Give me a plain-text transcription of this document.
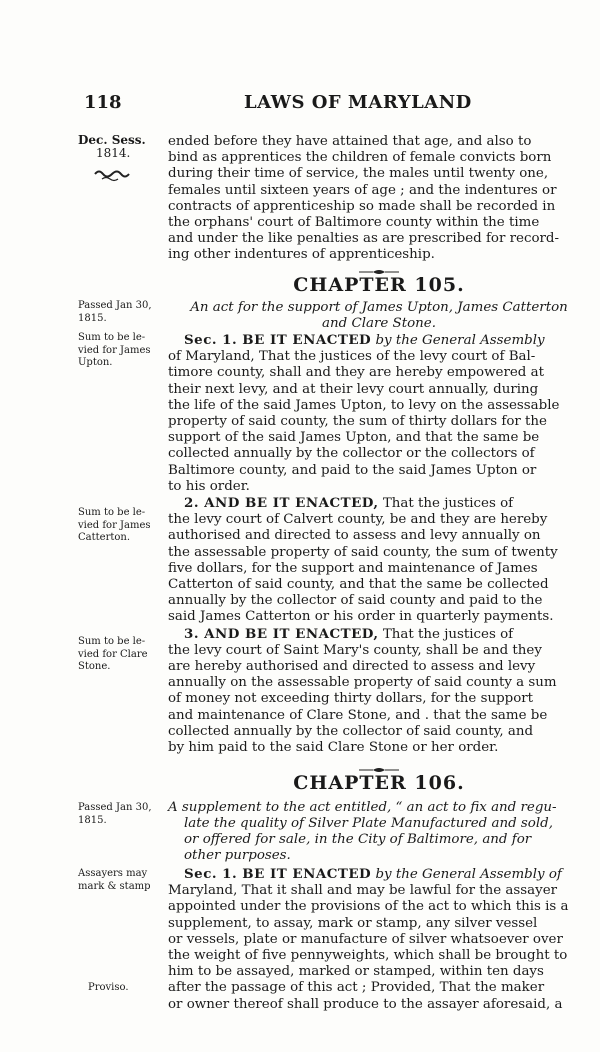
118	LAWS OF MARYLAND
Dec. Sess.
1814.
Passed Jan 30,
1815.
Sum to be le-
vied for James
Upton.
Sum to be le-
vied for James
Catterton.
Sum to be le-
vied for Clare
Stone.
Passed Jan 30,
1815.
Assayers may
mark & stamp
Proviso.

ended before they have attained that age, and also to

bind as apprentices the children of female convicts born

during their time of service, the males until twenty one,

females until sixteen years of age ; and the indentures or

contracts of apprenticeship so made shall be recorded in

the orphans' court of Baltimore county within the time

and under the like penalties as are prescribed for record-

ing other indentures of apprenticeship.

CHAPTER 105.
An act for the support of James Upton, James Catterton
and Clare Stone.

Sec. 1. BE IT ENACTED by the General Assembly

of Maryland, That the justices of the levy court of Bal-

timore county, shall and they are hereby empowered at

their next levy, and at their levy court annually, during

the life of the said James Upton, to levy on the assessable

property of said county, the sum of thirty dollars for the

support of the said James Upton, and that the same be

collected annually by the collector or the collectors of

Baltimore county, and paid to the said James Upton or

to his order.

2. AND BE IT ENACTED, That the justices of

the levy court of Calvert county, be and they are hereby

authorised and directed to assess and levy annually on

the assessable property of said county, the sum of twenty

five dollars, for the support and maintenance of James

Catterton of said county, and that the same be collected

annually by the collector of said county and paid to the

said James Catterton or his order in quarterly payments.

3. AND BE IT ENACTED, That the justices of

the levy court of Saint Mary's county, shall be and they

are hereby authorised and directed to assess and levy

annually on the assessable property of said county a sum

of money not exceeding thirty dollars, for the support

and maintenance of Clare Stone, and . that the same be

collected annually by the collector of said county, and

by him paid to the said Clare Stone or her order.

CHAPTER 106.
A supplement to the act entitled, “ an act to fix and regu-
late the quality of Silver Plate Manufactured and sold,
or offered for sale, in the City of Baltimore, and for
other purposes.

Sec. 1. BE IT ENACTED by the General Assembly of

Maryland, That it shall and may be lawful for the assayer

appointed under the provisions of the act to which this is a

supplement, to assay, mark or stamp, any silver vessel

or vessels, plate or manufacture of silver whatsoever over

the weight of five pennyweights, which shall be brought to

him to be assayed, marked or stamped, within ten days

after the passage of this act ; Provided, That the maker

or owner thereof shall produce to the assayer aforesaid, a
